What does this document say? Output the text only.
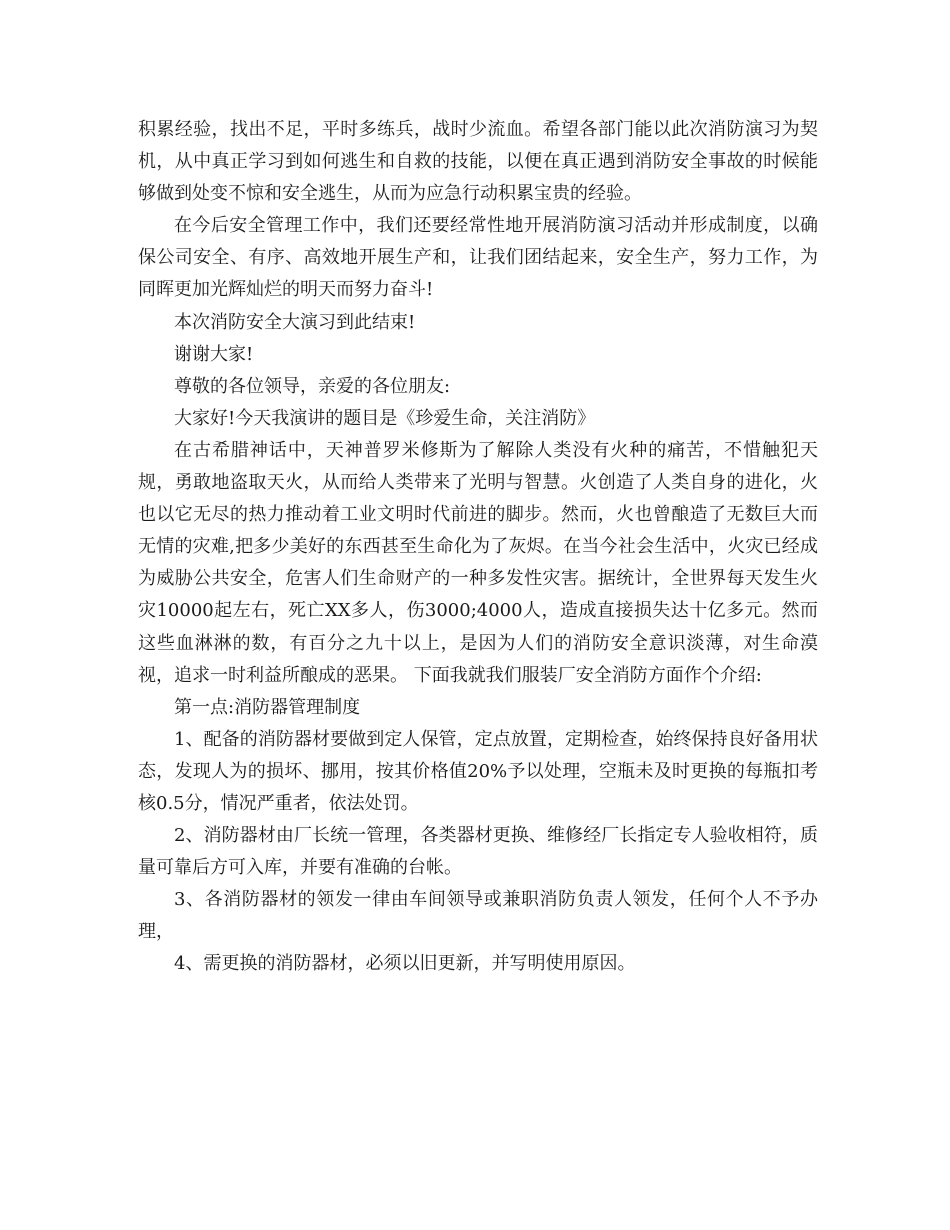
积累经验，找出不足，平时多练兵，战时少流血。希望各部门能以此次消防演习为契机，从中真正学习到如何逃生和自救的技能，以便在真正遇到消防安全事故的时候能够做到处变不惊和安全逃生，从而为应急行动积累宝贵的经验。

在今后安全管理工作中，我们还要经常性地开展消防演习活动并形成制度，以确保公司安全、有序、高效地开展生产和，让我们团结起来，安全生产，努力工作，为同晖更加光辉灿烂的明天而努力奋斗!

本次消防安全大演习到此结束!

谢谢大家!

尊敬的各位领导，亲爱的各位朋友:

大家好!今天我演讲的题目是《珍爱生命，关注消防》

在古希腊神话中，天神普罗米修斯为了解除人类没有火种的痛苦，不惜触犯天规，勇敢地盗取天火，从而给人类带来了光明与智慧。火创造了人类自身的进化，火也以它无尽的热力推动着工业文明时代前进的脚步。然而，火也曾酿造了无数巨大而无情的灾难,把多少美好的东西甚至生命化为了灰烬。在当今社会生活中，火灾已经成为威胁公共安全，危害人们生命财产的一种多发性灾害。据统计，全世界每天发生火灾10000起左右，死亡XX多人，伤3000;4000人，造成直接损失达十亿多元。然而这些血淋淋的数，有百分之九十以上，是因为人们的消防安全意识淡薄，对生命漠视，追求一时利益所酿成的恶果。 下面我就我们服装厂安全消防方面作个介绍:

第一点:消防器管理制度

1、配备的消防器材要做到定人保管，定点放置，定期检查，始终保持良好备用状态，发现人为的损坏、挪用，按其价格值20%予以处理，空瓶未及时更换的每瓶扣考核0.5分，情况严重者，依法处罚。

2、消防器材由厂长统一管理，各类器材更换、维修经厂长指定专人验收相符，质量可靠后方可入库，并要有准确的台帐。

3、各消防器材的领发一律由车间领导或兼职消防负责人领发，任何个人不予办理，

4、需更换的消防器材，必须以旧更新，并写明使用原因。
